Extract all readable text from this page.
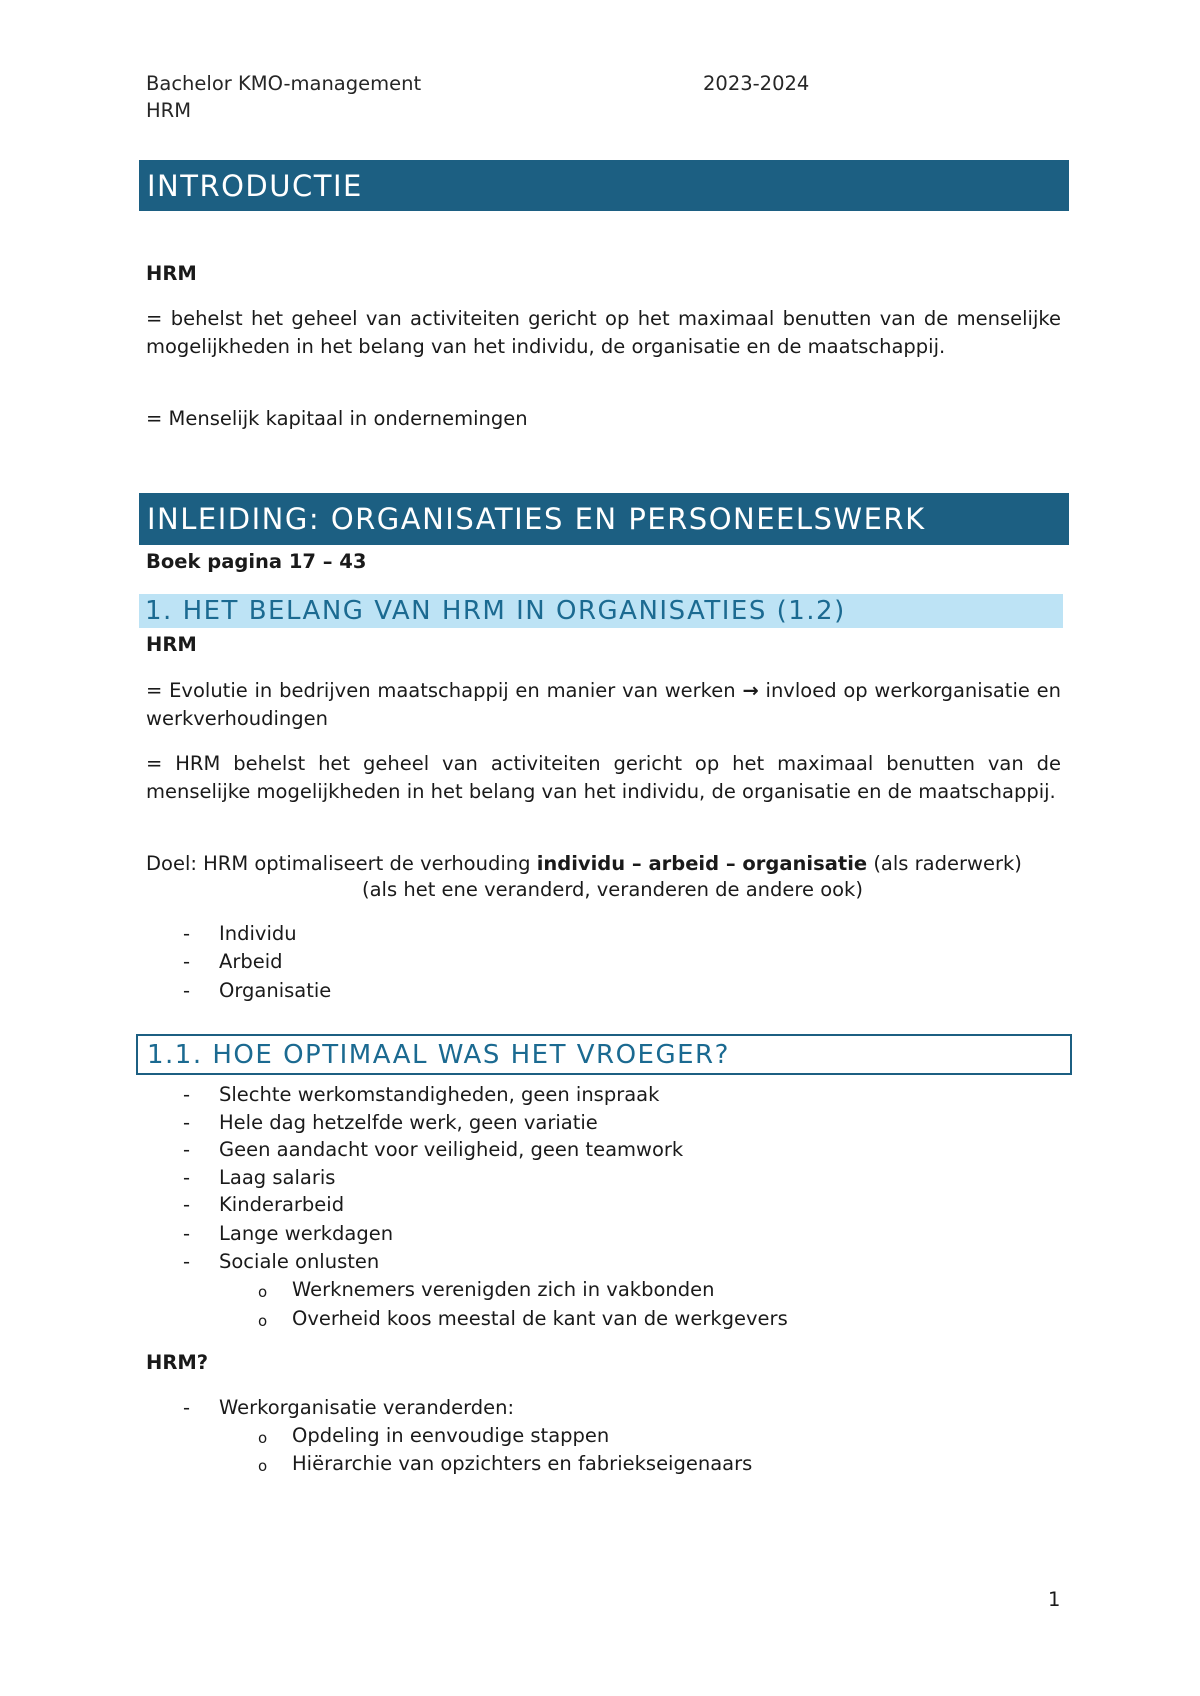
Bachelor KMO-management	2023-2024
HRM
INTRODUCTIE
HRM
= behelst het geheel van activiteiten gericht op het maximaal benutten van de menselijke mogelijkheden in het belang van het individu, de organisatie en de maatschappij.
= Menselijk kapitaal in ondernemingen
INLEIDING: ORGANISATIES EN PERSONEELSWERK
Boek pagina 17 – 43
1. HET BELANG VAN HRM IN ORGANISATIES (1.2)
HRM
= Evolutie in bedrijven maatschappij en manier van werken → invloed op werkorganisatie en werkverhoudingen
= HRM behelst het geheel van activiteiten gericht op het maximaal benutten van de menselijke mogelijkheden in het belang van het individu, de organisatie en de maatschappij.
Doel: HRM optimaliseert de verhouding individu – arbeid – organisatie (als raderwerk)
(als het ene veranderd, veranderen de andere ook)
- Individu
- Arbeid
- Organisatie
1.1. HOE OPTIMAAL WAS HET VROEGER?
- Slechte werkomstandigheden, geen inspraak
- Hele dag hetzelfde werk, geen variatie
- Geen aandacht voor veiligheid, geen teamwork
- Laag salaris
- Kinderarbeid
- Lange werkdagen
- Sociale onlusten
o Werknemers verenigden zich in vakbonden
o Overheid koos meestal de kant van de werkgevers
HRM?
- Werkorganisatie veranderden:
o Opdeling in eenvoudige stappen
o Hiërarchie van opzichters en fabriekseigenaars
1
